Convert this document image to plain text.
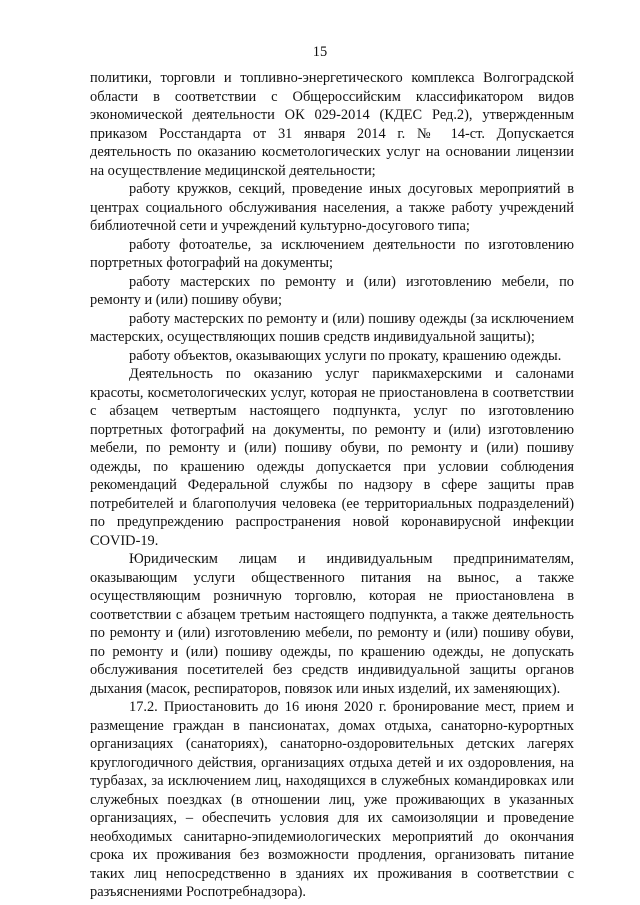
15

политики, торговли и топливно-энергетического комплекса Волгоградской области в соответствии с Общероссийским классификатором видов экономической деятельности ОК 029-2014 (КДЕС Ред.2), утвержденным приказом Росстандарта от 31 января 2014 г. № 14-ст. Допускается деятельность по оказанию косметологических услуг на основании лицензии на осуществление медицинской деятельности;

работу кружков, секций, проведение иных досуговых мероприятий в центрах социального обслуживания населения, а также работу учреждений библиотечной сети и учреждений культурно-досугового типа;

работу фотоателье, за исключением деятельности по изготовлению портретных фотографий на документы;

работу мастерских по ремонту и (или) изготовлению мебели, по ремонту и (или) пошиву обуви;

работу мастерских по ремонту и (или) пошиву одежды (за исключением мастерских, осуществляющих пошив средств индивидуальной защиты);

работу объектов, оказывающих услуги по прокату, крашению одежды.

Деятельность по оказанию услуг парикмахерскими и салонами красоты, косметологических услуг, которая не приостановлена в соответствии с абзацем четвертым настоящего подпункта, услуг по изготовлению портретных фотографий на документы, по ремонту и (или) изготовлению мебели, по ремонту и (или) пошиву обуви, по ремонту и (или) пошиву одежды, по крашению одежды допускается при условии соблюдения рекомендаций Федеральной службы по надзору в сфере защиты прав потребителей и благополучия человека (ее территориальных подразделений) по предупреждению распространения новой коронавирусной инфекции COVID-19.

Юридическим лицам и индивидуальным предпринимателям, оказывающим услуги общественного питания на вынос, а также осуществляющим розничную торговлю, которая не приостановлена в соответствии с абзацем третьим настоящего подпункта, а также деятельность по ремонту и (или) изготовлению мебели, по ремонту и (или) пошиву обуви, по ремонту и (или) пошиву одежды, по крашению одежды, не допускать обслуживания посетителей без средств индивидуальной защиты органов дыхания (масок, респираторов, повязок или иных изделий, их заменяющих).

17.2. Приостановить до 16 июня 2020 г. бронирование мест, прием и размещение граждан в пансионатах, домах отдыха, санаторно-курортных организациях (санаториях), санаторно-оздоровительных детских лагерях круглогодичного действия, организациях отдыха детей и их оздоровления, на турбазах, за исключением лиц, находящихся в служебных командировках или служебных поездках (в отношении лиц, уже проживающих в указанных организациях, – обеспечить условия для их самоизоляции и проведение необходимых санитарно-эпидемиологических мероприятий до окончания срока их проживания без возможности продления, организовать питание таких лиц непосредственно в зданиях их проживания в соответствии с разъяснениями Роспотребнадзора).
